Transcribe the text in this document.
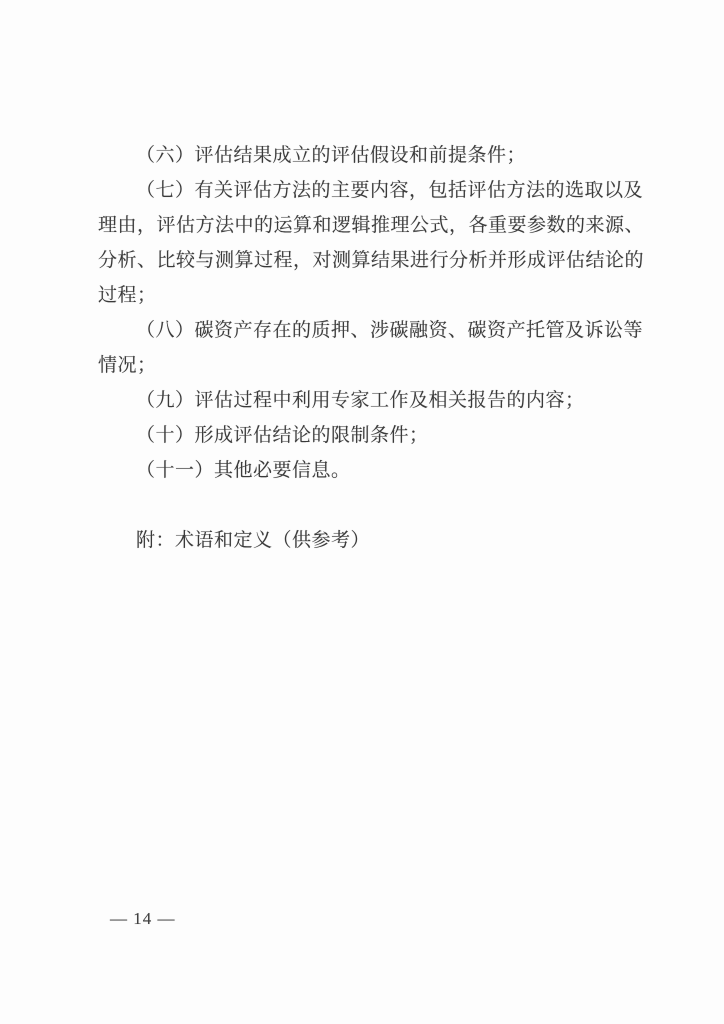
（六）评估结果成立的评估假设和前提条件；

（七）有关评估方法的主要内容，包括评估方法的选取以及

理由，评估方法中的运算和逻辑推理公式，各重要参数的来源、

分析、比较与测算过程，对测算结果进行分析并形成评估结论的

过程；

（八）碳资产存在的质押、涉碳融资、碳资产托管及诉讼等

情况；

（九）评估过程中利用专家工作及相关报告的内容；

（十）形成评估结论的限制条件；

（十一）其他必要信息。

附：术语和定义（供参考）

— 14 —
